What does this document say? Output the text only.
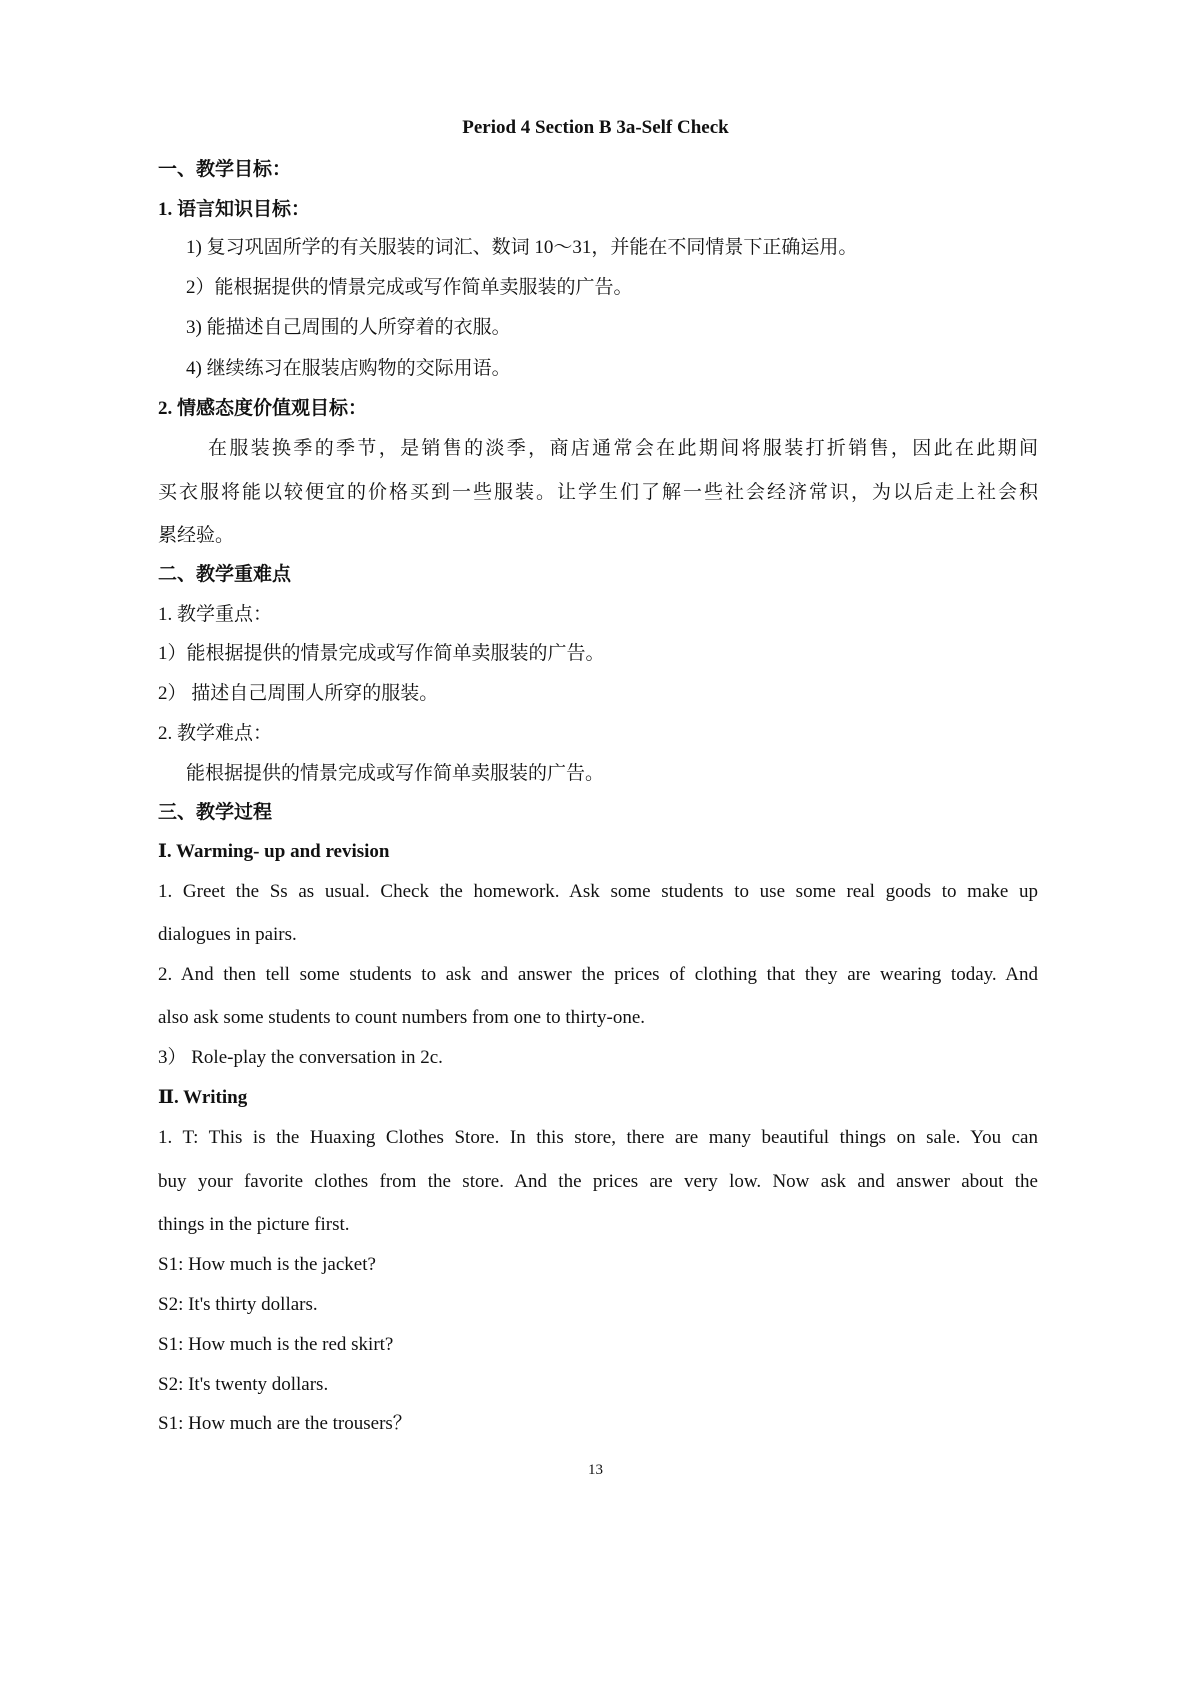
Period 4 Section B 3a-Self Check
一、教学目标：
1. 语言知识目标：
1) 复习巩固所学的有关服装的词汇、数词 10～31，并能在不同情景下正确运用。
2）能根据提供的情景完成或写作简单卖服装的广告。
3) 能描述自己周围的人所穿着的衣服。
4) 继续练习在服装店购物的交际用语。
2. 情感态度价值观目标：
在服装换季的季节，是销售的淡季，商店通常会在此期间将服装打折销售，因此在此期间
买衣服将能以较便宜的价格买到一些服装。让学生们了解一些社会经济常识，为以后走上社会积
累经验。
二、教学重难点
1. 教学重点：
1）能根据提供的情景完成或写作简单卖服装的广告。
2） 描述自己周围人所穿的服装。
2. 教学难点：
能根据提供的情景完成或写作简单卖服装的广告。
三、教学过程
Ⅰ. Warming- up and revision
1. Greet the Ss as usual. Check the homework. Ask some students to use some real goods to make up
dialogues in pairs.
2. And then tell some students to ask and answer the prices of clothing that they are wearing today. And
also ask some students to count numbers from one to thirty-one.
3） Role-play the conversation in 2c.
Ⅱ. Writing
1. T: This is the Huaxing Clothes Store. In this store, there are many beautiful things on sale. You can
buy your favorite clothes from the store. And the prices are very low. Now ask and answer about the
things in the picture first.
S1: How much is the jacket?
S2: It's thirty dollars.
S1: How much is the red skirt?
S2: It's twenty dollars.
S1: How much are the trousers？
13
